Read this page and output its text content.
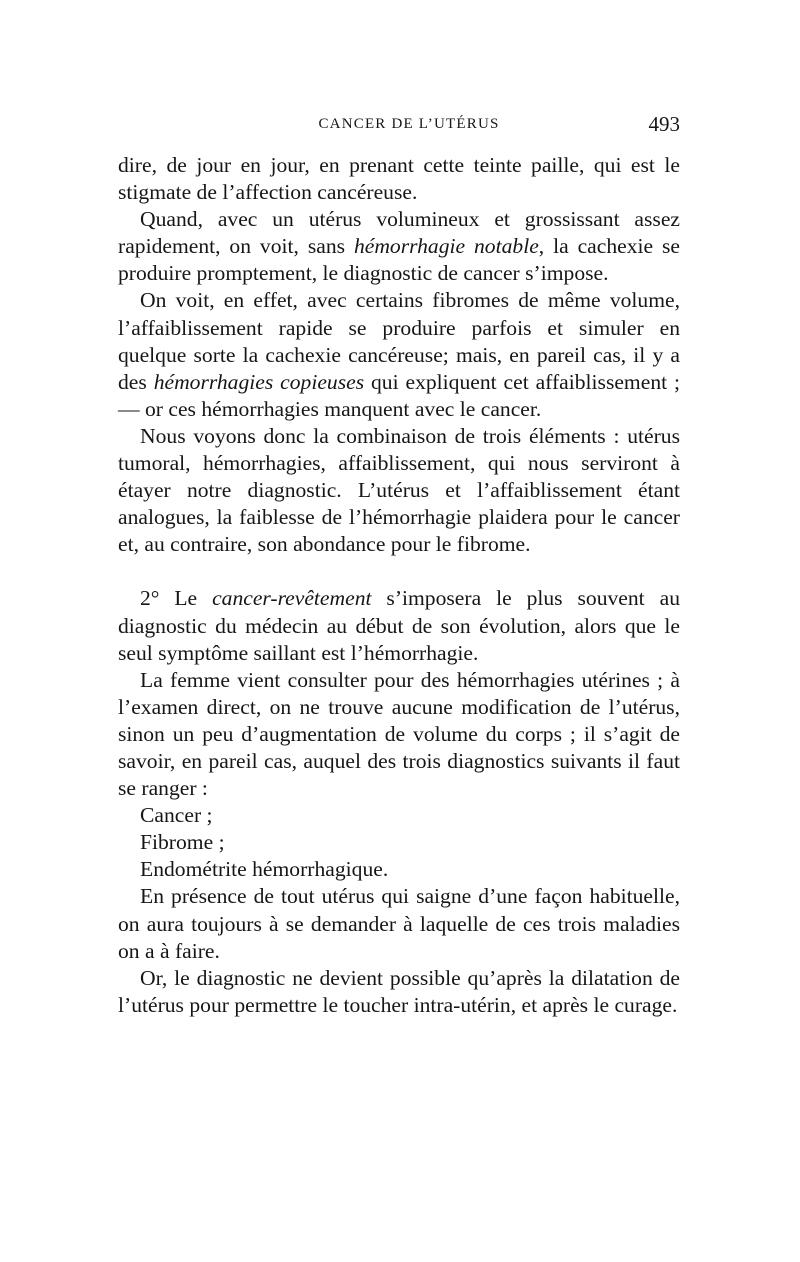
CANCER DE L’UTÉRUS	493

dire, de jour en jour, en prenant cette teinte paille, qui est le stigmate de l’affection cancéreuse.

Quand, avec un utérus volumineux et grossissant assez rapidement, on voit, sans hémorrhagie notable, la cachexie se produire promptement, le diagnostic de cancer s’impose.

On voit, en effet, avec certains fibromes de même volume, l’affaiblissement rapide se produire parfois et simuler en quelque sorte la cachexie cancéreuse; mais, en pareil cas, il y a des hémorrhagies copieuses qui expliquent cet affaiblissement ; — or ces hémorrhagies manquent avec le cancer.

Nous voyons donc la combinaison de trois éléments : utérus tumoral, hémorrhagies, affaiblissement, qui nous serviront à étayer notre diagnostic. L’utérus et l’affaiblissement étant analogues, la faiblesse de l’hémorrhagie plaidera pour le cancer et, au contraire, son abondance pour le fibrome.

2° Le cancer-revêtement s’imposera le plus souvent au diagnostic du médecin au début de son évolution, alors que le seul symptôme saillant est l’hémorrhagie.

La femme vient consulter pour des hémorrhagies utérines ; à l’examen direct, on ne trouve aucune modification de l’utérus, sinon un peu d’augmentation de volume du corps ; il s’agit de savoir, en pareil cas, auquel des trois diagnostics suivants il faut se ranger :

Cancer ;

Fibrome ;

Endométrite hémorrhagique.

En présence de tout utérus qui saigne d’une façon habituelle, on aura toujours à se demander à laquelle de ces trois maladies on a à faire.

Or, le diagnostic ne devient possible qu’après la dilatation de l’utérus pour permettre le toucher intra-utérin, et après le curage.
